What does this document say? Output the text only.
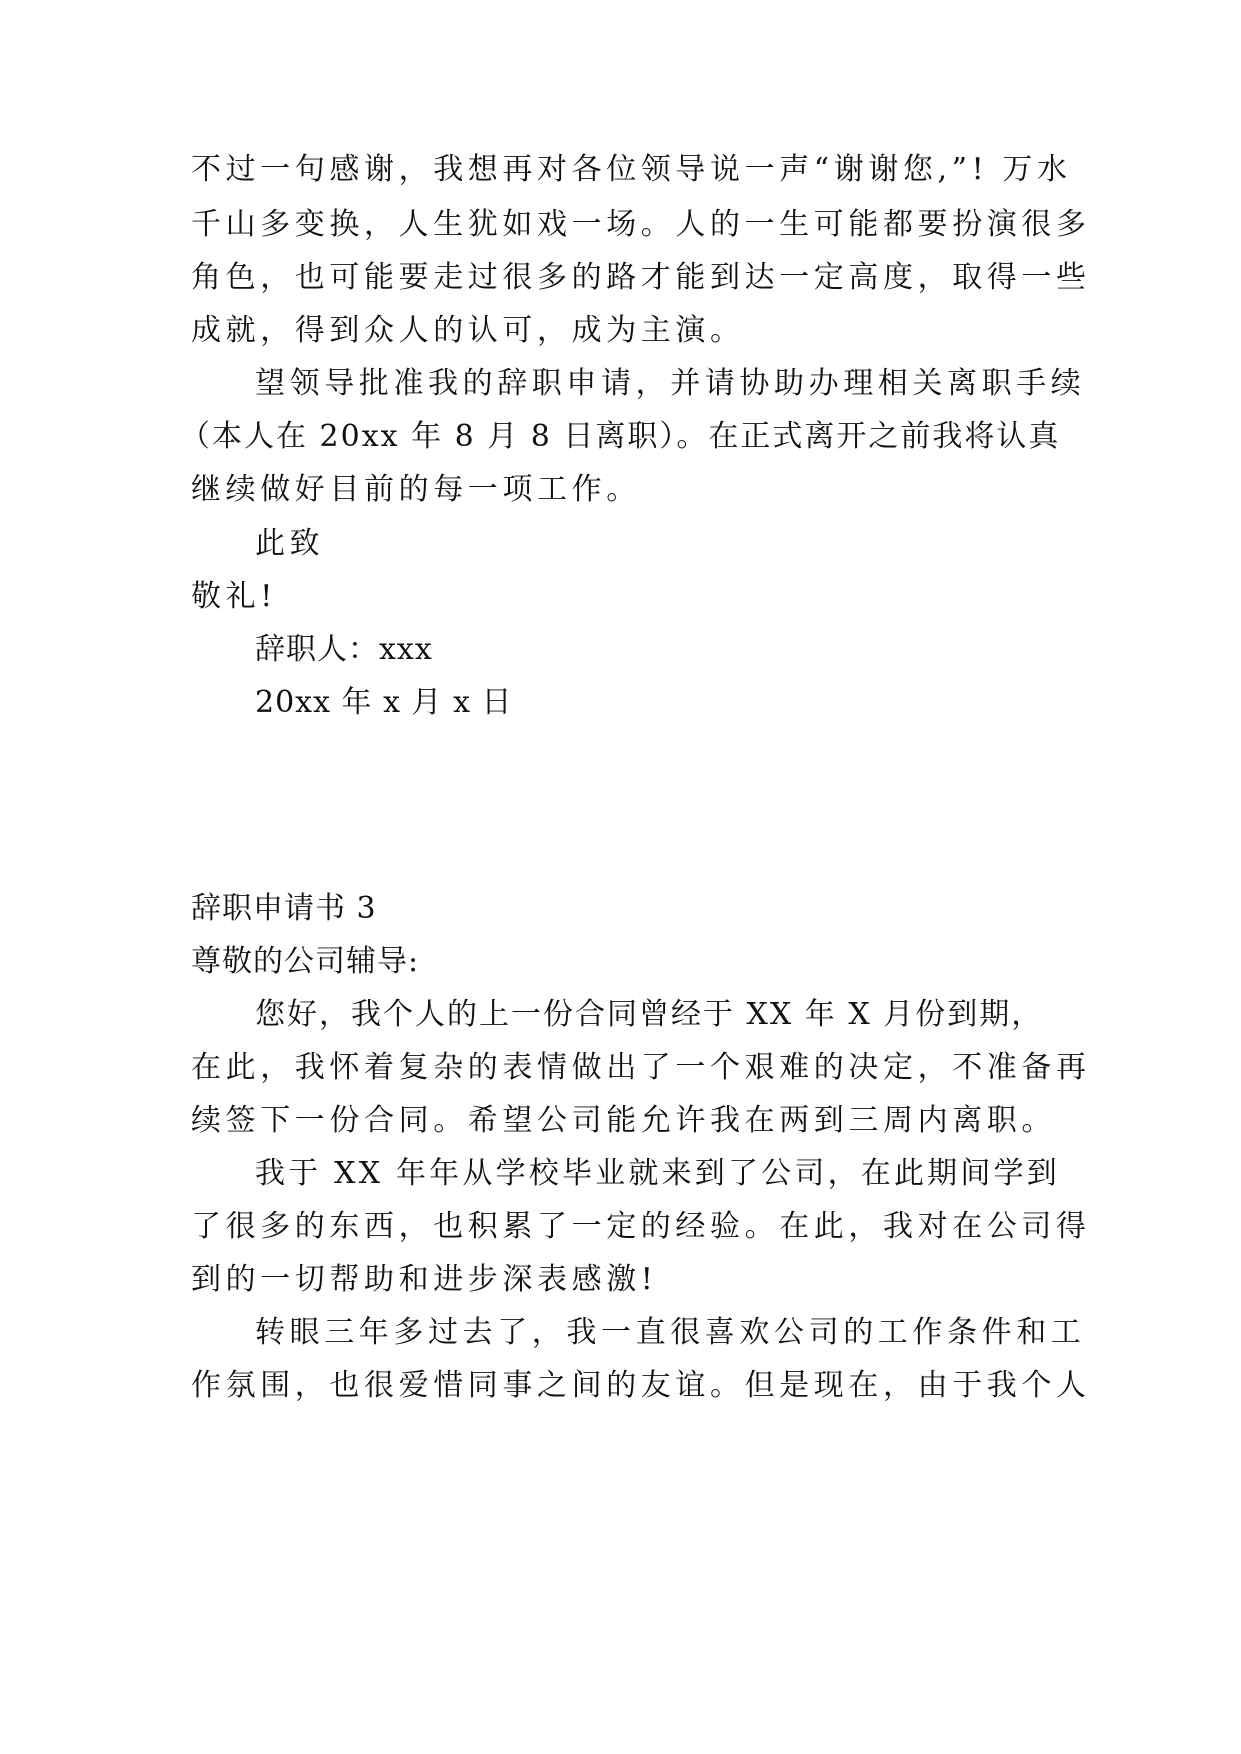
不过一句感谢，我想再对各位领导说一声“谢谢您,”! 万水
千山多变换，人生犹如戏一场。人的一生可能都要扮演很多
角色，也可能要走过很多的路才能到达一定高度，取得一些
成就，得到众人的认可，成为主演。
望领导批准我的辞职申请，并请协助办理相关离职手续
（本人在 20xx 年 8 月 8 日离职）。在正式离开之前我将认真
继续做好目前的每一项工作。
此致
敬礼!
辞职人：xxx
20xx 年 x 月 x 日
辞职申请书 3
尊敬的公司辅导:
您好，我个人的上一份合同曾经于 XX 年 X 月份到期，
在此，我怀着复杂的表情做出了一个艰难的决定，不准备再
续签下一份合同。希望公司能允许我在两到三周内离职。
我于 XX 年年从学校毕业就来到了公司，在此期间学到
了很多的东西，也积累了一定的经验。在此，我对在公司得
到的一切帮助和进步深表感激!
转眼三年多过去了，我一直很喜欢公司的工作条件和工
作氛围，也很爱惜同事之间的友谊。但是现在，由于我个人
